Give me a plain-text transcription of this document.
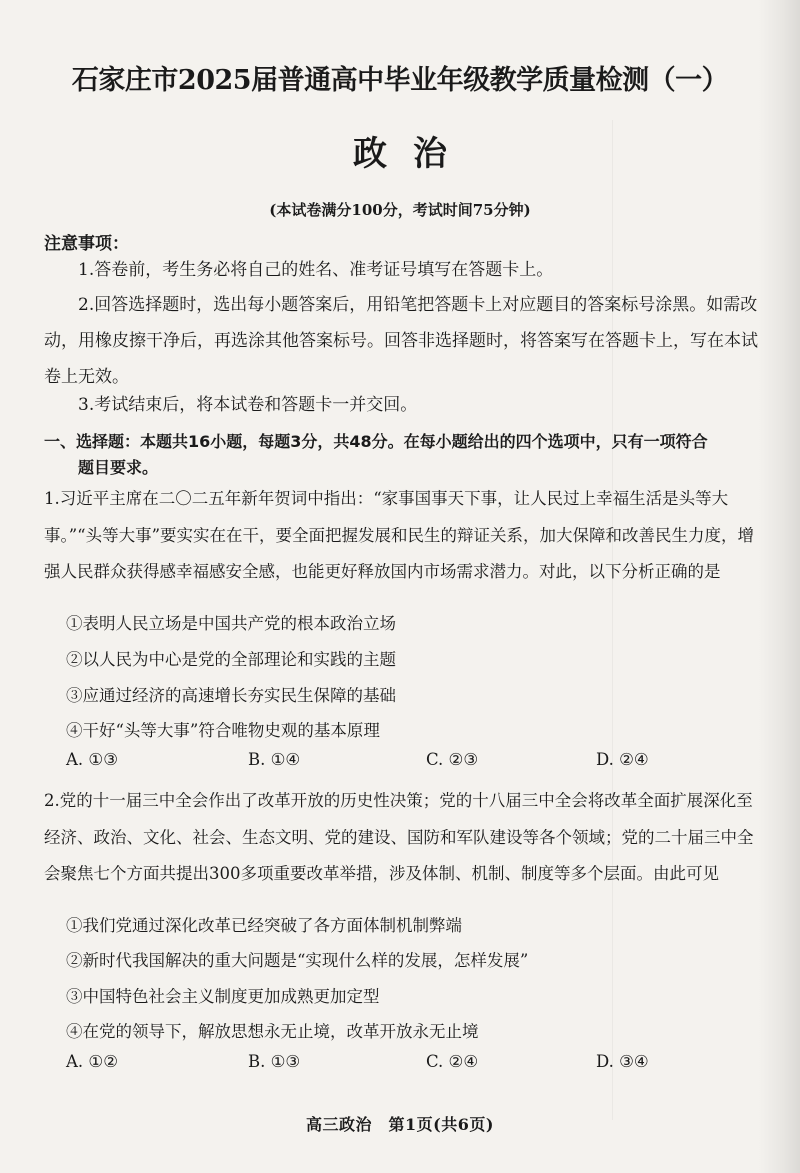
石家庄市2025届普通高中毕业年级教学质量检测（一）
政治
(本试卷满分100分，考试时间75分钟)
注意事项：
1.答卷前，考生务必将自己的姓名、准考证号填写在答题卡上。
2.回答选择题时，选出每小题答案后，用铅笔把答题卡上对应题目的答案标号涂黑。如需改动，用橡皮擦干净后，再选涂其他答案标号。回答非选择题时，将答案写在答题卡上，写在本试卷上无效。
3.考试结束后，将本试卷和答题卡一并交回。
一、选择题：本题共16小题，每题3分，共48分。在每小题给出的四个选项中，只有一项符合
题目要求。
1.习近平主席在二〇二五年新年贺词中指出：“家事国事天下事，让人民过上幸福生活是头等大事。”“头等大事”要实实在在干，要全面把握发展和民生的辩证关系，加大保障和改善民生力度，增强人民群众获得感幸福感安全感，也能更好释放国内市场需求潜力。对此，以下分析正确的是
①表明人民立场是中国共产党的根本政治立场
②以人民为中心是党的全部理论和实践的主题
③应通过经济的高速增长夯实民生保障的基础
④干好“头等大事”符合唯物史观的基本原理
A. ①③	B. ①④	C. ②③	D. ②④
2.党的十一届三中全会作出了改革开放的历史性决策；党的十八届三中全会将改革全面扩展深化至经济、政治、文化、社会、生态文明、党的建设、国防和军队建设等各个领域；党的二十届三中全会聚焦七个方面共提出300多项重要改革举措，涉及体制、机制、制度等多个层面。由此可见
①我们党通过深化改革已经突破了各方面体制机制弊端
②新时代我国解决的重大问题是“实现什么样的发展，怎样发展”
③中国特色社会主义制度更加成熟更加定型
④在党的领导下，解放思想永无止境，改革开放永无止境
A. ①②	B. ①③	C. ②④	D. ③④
高三政治　第1页(共6页)
